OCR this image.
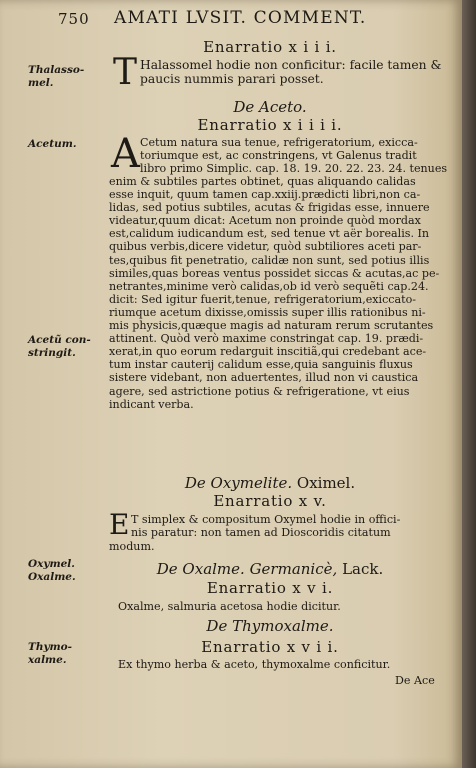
750 AMATI LVSIT. COMMENT.
Enarratio x i i i.
Thalasso-
mel.	T Halassomel hodie non conficitur: facile tamen &
paucis nummis parari posset.
De Aceto.
Enarratio x i i i i.
Acetum. A Cetum natura sua tenue, refrigeratorium, exicca-
toriumque est, ac constringens, vt Galenus tradit
libro primo Simplic. cap. 18. 19. 20. 22. 23. 24. tenues
enim & subtiles partes obtinet, quas aliquando calidas
esse inquit, quum tamen cap.xxiij.prædicti libri,non ca-
lidas, sed potius subtiles, acutas & frigidas esse, innuere
videatur,quum dicat: Acetum non proinde quòd mordax
est,calidum iudicandum est, sed tenue vt aër borealis. In
quibus verbis,dicere videtur, quòd subtiliores aceti par-
tes,quibus fit penetratio, calidæ non sunt, sed potius illis
similes,quas boreas ventus possidet siccas & acutas,ac pe-
netrantes,minime verò calidas,ob id verò sequẽti cap.24.
dicit: Sed igitur fuerit,tenue, refrigeratorium,exiccato-
riumque acetum dixisse,omissis super illis rationibus ni-
mis physicis,quæque magis ad naturam rerum scrutantes
attinent. Quòd verò maxime constringat cap. 19. prædi-
xerat,in quo eorum redarguit inscitiã,qui credebant ace-
tum instar cauterij calidum esse,quia sanguinis fluxus
sistere videbant, non aduertentes, illud non vi caustica
agere, sed astrictione potius & refrigeratione, vt eius
indicant verba.
Acetũ con-
stringit.
De Oxymelite. Oximel.
Enarratio x v.
E T simplex & compositum Oxymel hodie in offici-
nis paratur: non tamen ad Dioscoridis citatum
modum.
Oxymel.
Oxalme.	De Oxalme. Germanicè, Lack.
Enarratio x v i.
Oxalme, salmuria acetosa hodie dicitur.
De Thymoxalme.
Thymo-
xalme.
Enarratio x v i i.
Ex thymo herba & aceto, thymoxalme conficitur.
De Ace
